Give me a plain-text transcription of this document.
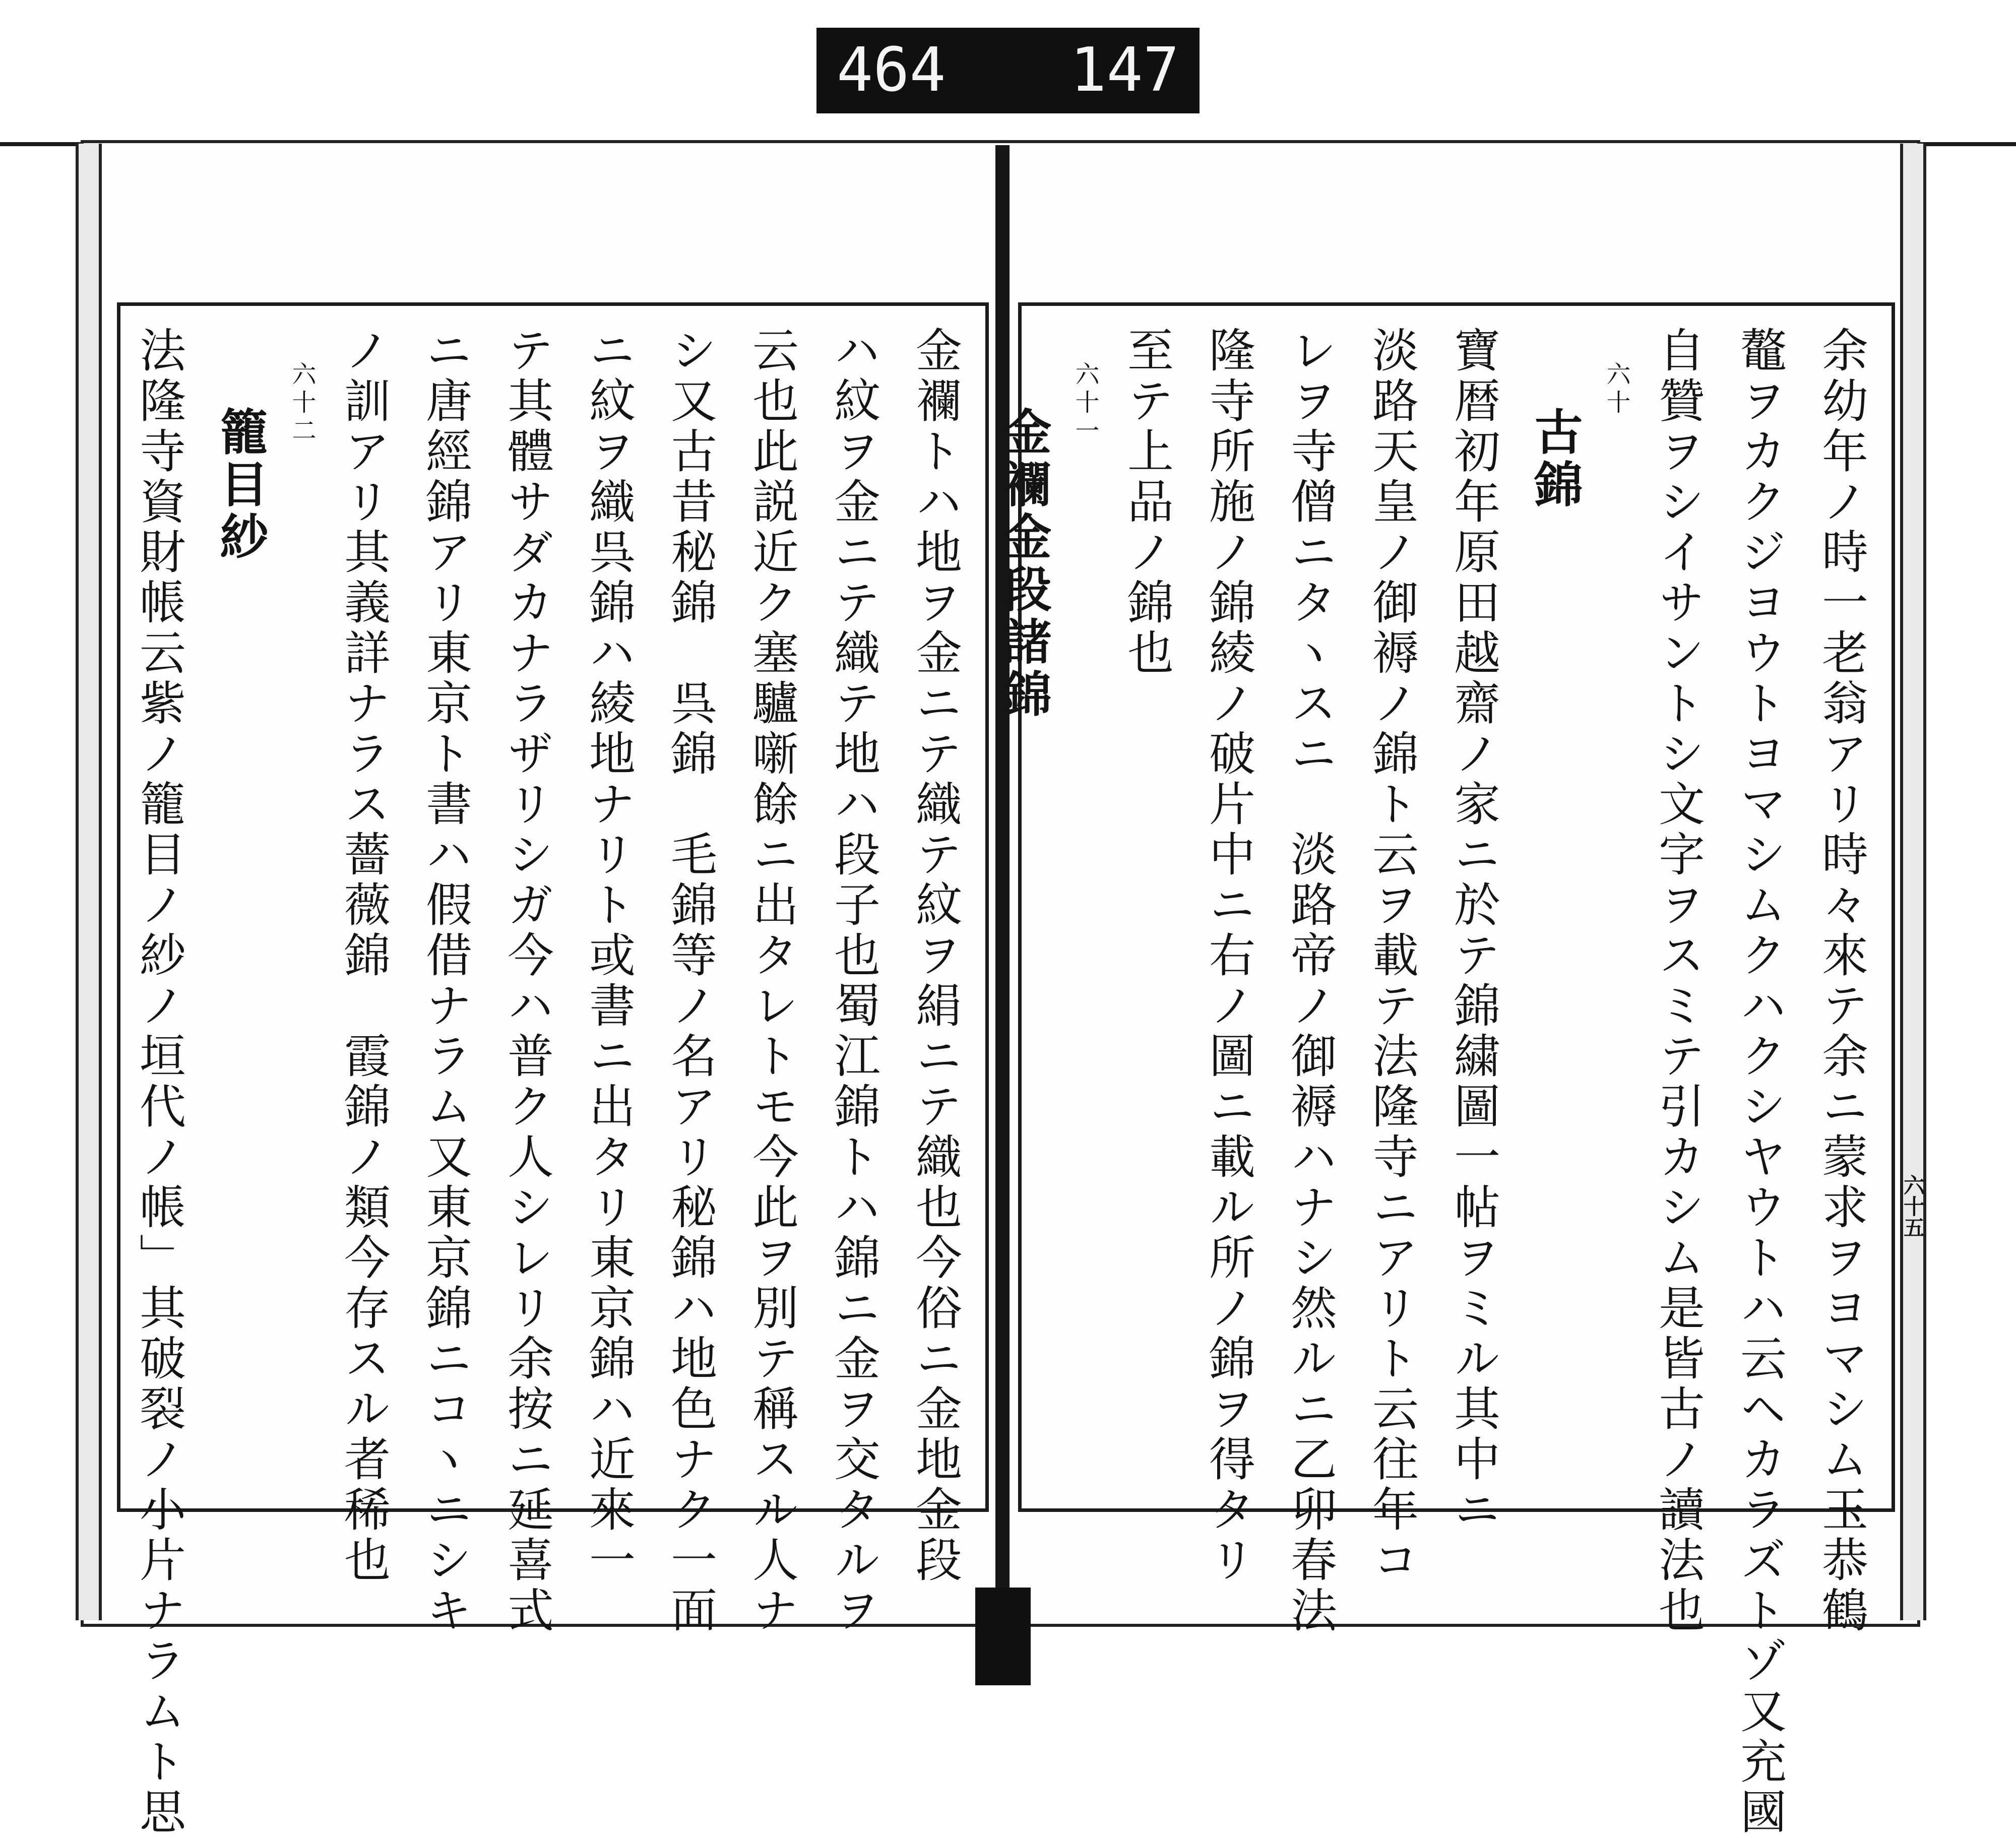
464 147
余幼年ノ時一老翁アリ時々來テ余ニ蒙求ヲヨマシム玉恭鶴
鼇ヲカクジヨウトヨマシムクハクシヤウトハ云ヘカラズトゾ又充國
自贊ヲシイサントシ文字ヲスミテ引カシム是皆古ノ讀法也
六十
古錦
寶暦初年原田越齋ノ家ニ於テ錦繍圖一帖ヲミル其中ニ
淡路天皇ノ御褥ノ錦ト云ヲ載テ法隆寺ニアリト云往年コ
レヲ寺僧ニタヽスニ　淡路帝ノ御褥ハナシ然ルニ乙卯春法
隆寺所施ノ錦綾ノ破片中ニ右ノ圖ニ載ル所ノ錦ヲ得タリ
至テ上品ノ錦也
六十一
金襴金段諸錦
金襴トハ地ヲ金ニテ織テ紋ヲ絹ニテ織也今俗ニ金地金段
ハ紋ヲ金ニテ織テ地ハ段子也蜀江錦トハ錦ニ金ヲ交タルヲ
云也此説近ク塞驢噺餘ニ出タレトモ今此ヲ別テ稱スル人ナ
シ又古昔秘錦　呉錦　毛錦等ノ名アリ秘錦ハ地色ナク一面
ニ紋ヲ織呉錦ハ綾地ナリト或書ニ出タリ東京錦ハ近來一
テ其體サダカナラザリシガ今ハ普ク人シレリ余按ニ延喜式
ニ唐經錦アリ東京ト書ハ假借ナラム又東京錦ニコヽニシキ
ノ訓アリ其義詳ナラス薔薇錦　霞錦ノ類今存スル者稀也
六十二
籠目紗
法隆寺資財帳云紫ノ籠目ノ紗ノ垣代ノ帳」其破裂ノ小片ナラムト思	六十五
